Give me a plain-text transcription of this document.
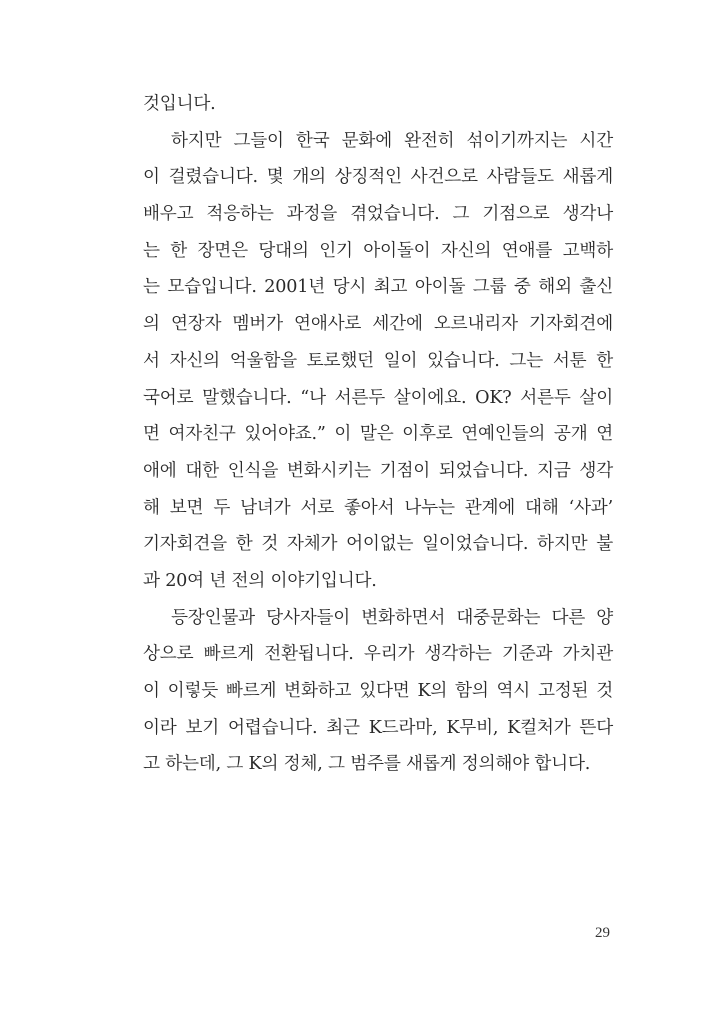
것입니다.
하지만 그들이 한국 문화에 완전히 섞이기까지는 시간
이 걸렸습니다. 몇 개의 상징적인 사건으로 사람들도 새롭게
배우고 적응하는 과정을 겪었습니다. 그 기점으로 생각나
는 한 장면은 당대의 인기 아이돌이 자신의 연애를 고백하
는 모습입니다. 2001년 당시 최고 아이돌 그룹 중 해외 출신
의 연장자 멤버가 연애사로 세간에 오르내리자 기자회견에
서 자신의 억울함을 토로했던 일이 있습니다. 그는 서툰 한
국어로 말했습니다. “나 서른두 살이에요. OK? 서른두 살이
면 여자친구 있어야죠.” 이 말은 이후로 연예인들의 공개 연
애에 대한 인식을 변화시키는 기점이 되었습니다. 지금 생각
해 보면 두 남녀가 서로 좋아서 나누는 관계에 대해 ‘사과’
기자회견을 한 것 자체가 어이없는 일이었습니다. 하지만 불
과 20여 년 전의 이야기입니다.
등장인물과 당사자들이 변화하면서 대중문화는 다른 양
상으로 빠르게 전환됩니다. 우리가 생각하는 기준과 가치관
이 이렇듯 빠르게 변화하고 있다면 K의 함의 역시 고정된 것
이라 보기 어렵습니다. 최근 K드라마, K무비, K컬처가 뜬다
고 하는데, 그 K의 정체, 그 범주를 새롭게 정의해야 합니다.
29
